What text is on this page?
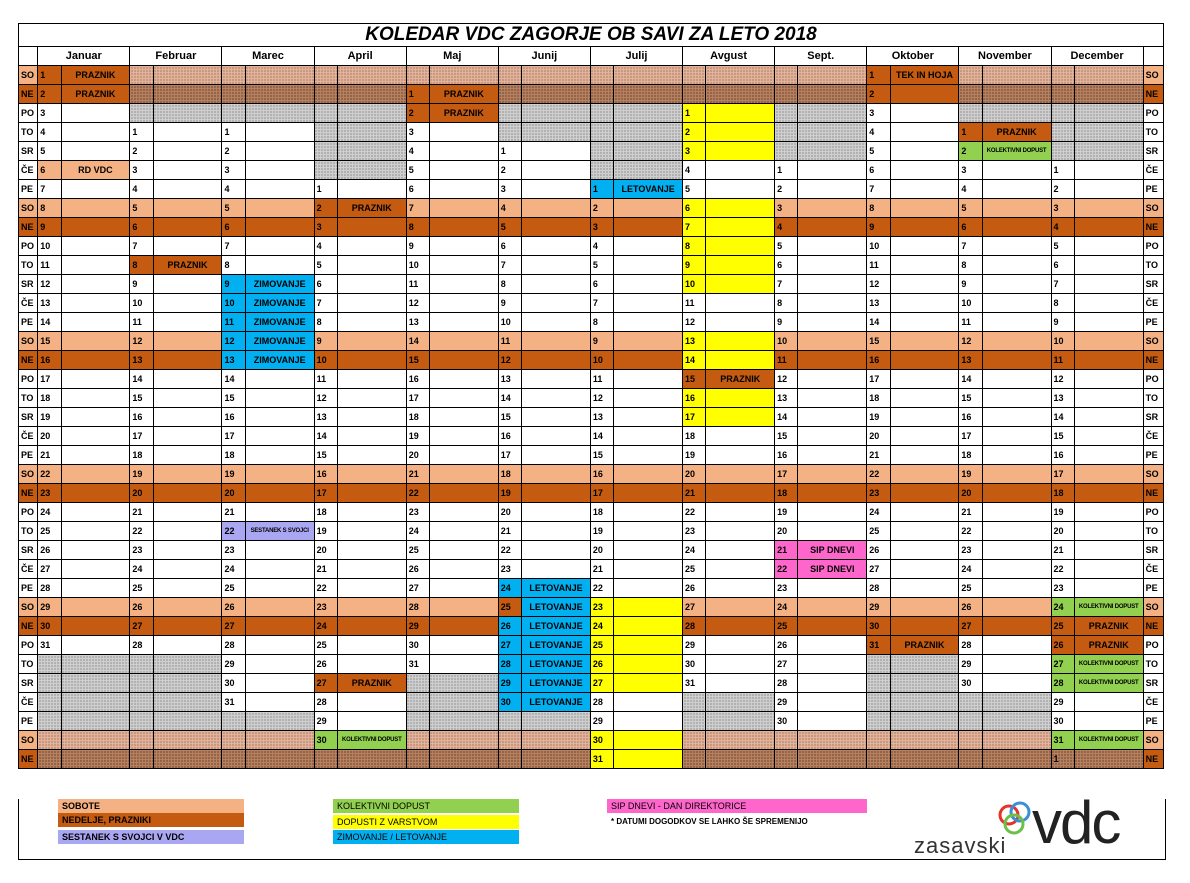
KOLEDAR VDC ZAGORJE OB SAVI ZA LETO 2018
	Januar		Februar		Marec		April		Maj		Junij		Julij		Avgust		Sept.		Oktober		November		December		
SO	1	PRAZNIK																	1	TEK IN HOJA					SO
NE	2	PRAZNIK							1	PRAZNIK									2						NE
PO	3								2	PRAZNIK					1				3						PO
TO	4		1		1				3						2				4		1	PRAZNIK			TO
SR	5		2		2				4		1				3				5		2	KOLEKTIVNI DOPUST			SR
ČE	6	RD VDC	3		3				5		2				4		1		6		3		1		ČE
PE	7		4		4		1		6		3		1	LETOVANJE	5		2		7		4		2		PE
SO	8		5		5		2	PRAZNIK	7		4		2		6		3		8		5		3		SO
NE	9		6		6		3		8		5		3		7		4		9		6		4		NE
PO	10		7		7		4		9		6		4		8		5		10		7		5		PO
TO	11		8	PRAZNIK	8		5		10		7		5		9		6		11		8		6		TO
SR	12		9		9	ZIMOVANJE	6		11		8		6		10		7		12		9		7		SR
ČE	13		10		10	ZIMOVANJE	7		12		9		7		11		8		13		10		8		ČE
PE	14		11		11	ZIMOVANJE	8		13		10		8		12		9		14		11		9		PE
SO	15		12		12	ZIMOVANJE	9		14		11		9		13		10		15		12		10		SO
NE	16		13		13	ZIMOVANJE	10		15		12		10		14		11		16		13		11		NE
PO	17		14		14		11		16		13		11		15	PRAZNIK	12		17		14		12		PO
TO	18		15		15		12		17		14		12		16		13		18		15		13		TO
SR	19		16		16		13		18		15		13		17		14		19		16		14		SR
ČE	20		17		17		14		19		16		14		18		15		20		17		15		ČE
PE	21		18		18		15		20		17		15		19		16		21		18		16		PE
SO	22		19		19		16		21		18		16		20		17		22		19		17		SO
NE	23		20		20		17		22		19		17		21		18		23		20		18		NE
PO	24		21		21		18		23		20		18		22		19		24		21		19		PO
TO	25		22		22	SESTANEK S SVOJCI	19		24		21		19		23		20		25		22		20		TO
SR	26		23		23		20		25		22		20		24		21	SIP DNEVI	26		23		21		SR
ČE	27		24		24		21		26		23		21		25		22	SIP DNEVI	27		24		22		ČE
PE	28		25		25		22		27		24	LETOVANJE	22		26		23		28		25		23		PE
SO	29		26		26		23		28		25	LETOVANJE	23		27		24		29		26		24	KOLEKTIVNI DOPUST	SO
NE	30		27		27		24		29		26	LETOVANJE	24		28		25		30		27		25	PRAZNIK	NE
PO	31		28		28		25		30		27	LETOVANJE	25		29		26		31	PRAZNIK	28		26	PRAZNIK	PO
TO					29		26		31		28	LETOVANJE	26		30		27				29		27	KOLEKTIVNI DOPUST	TO
SR					30		27	PRAZNIK			29	LETOVANJE	27		31		28				30		28	KOLEKTIVNI DOPUST	SR
ČE					31		28				30	LETOVANJE	28				29						29		ČE
PE							29						29				30						30		PE
SO							30	KOLEKTIVNI DOPUST					30										31	KOLEKTIVNI DOPUST	SO
NE													31										1		NE
SOBOTE
NEDELJE, PRAZNIKI
SESTANEK S SVOJCI V VDC
KOLEKTIVNI DOPUST
DOPUSTI Z VARSTVOM
ZIMOVANJE / LETOVANJE
SIP DNEVI - DAN DIREKTORICE
* DATUMI DOGODKOV SE LAHKO ŠE SPREMENIJO
zasavski vdc
